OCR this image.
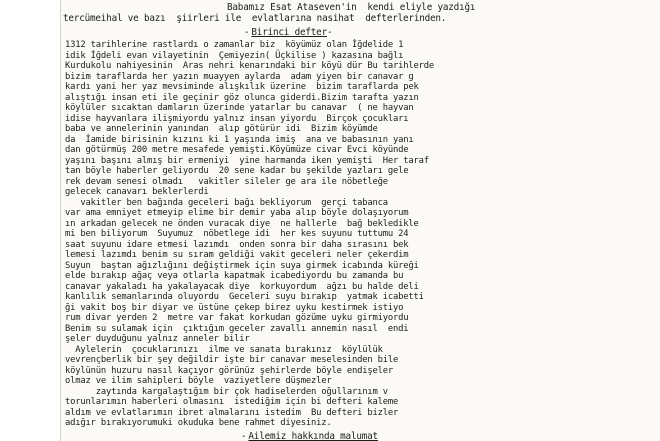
Babamız Esat Ataseven'in  kendi eliyle yazdığı
tercümeihal ve bazı  şiirleri ile  evlatlarına nasihat  defterlerinden.
- Birinci defter-
1312 tarihlerine rastlardı o zamanlar biz  köyümüz olan İğdelide 1
idik İğdeli evan vilayetinin  Çemiyezin( Üçkilise ) kazasına bağlı
Kurdukolu nahiyesinin  Aras nehri kenarındaki bir köyü dür Bu tarihlerde
bizim taraflarda her yazın muayyen aylarda  adam yiyen bir canavar g
kardı yani her yaz mevsiminde alışkılık üzerine  bizim taraflarda pek
alıştığı insan eti ile geçinir göz olunca giderdi.Bizim tarafta yazın
köylüler sıcaktan damların üzerinde yatarlar bu canavar  ( ne hayvan
idise hayvanlara ilişmiyordu yalnız insan yiyordu  Birçok çocukları
baba ve annelerinin yanından  alıp götürür idi  Bizim köyümde
da  İamide birisinin kızını ki 1 yaşında imiş  ana ve babasının yanı
dan götürmüş 200 metre mesafede yemişti.Köyümüze civar Evci köyünde
yaşını başını almış bir ermeniyi  yine harmanda iken yemişti  Her taraf
tan böyle haberler geliyordu  20 sene kadar bu şekilde yazları gele
rek devam senesi olmadı   vakitler sileler ge ara ile nöbetleğe
gelecek canavarı beklerlerdi
vakitler ben bağında geceleri bağı bekliyorum  gerçi tabanca
var ama emniyet etmeyip elime bir demir yaba alıp böyle dolaşıyorum
ın arkadan gelecek ne önden vuracak diye  ne hallerle  bağ bekledikle
mi ben biliyorum  Suyumuz  nöbetlege idi  her kes suyunu tuttumu 24
saat suyunu idare etmesi lazımdı  onden sonra bir daha sırasını bek
lemesi lazımdı benim su sıram geldiği vakit geceleri neler çekerdim
Suyun  baştan ağızlığını değiştirmek için suya girmek icabında küreği
elde bırakıp ağaç veya otlarla kapatmak icabediyordu bu zamanda bu
canavar yakaladı ha yakalayacak diye  korkuyordum  ağzı bu halde deli
kanlılık semanlarında oluyordu  Geceleri suyu bırakıp  yatmak icabetti
ği vakit boş bir diyar ve üstüne çekep birez uyku kestirmek istiyo
rum divar yerden 2  metre var fakat korkudan gözüme uyku girmiyordu
Benim su sulamak için  çıktığım geceler zavallı annemin nasıl  endi
şeler duyduğunu yalnız anneler bilir
Aylelerin  çocuklarınızı  ilme ve sanata bırakınız  köylülük
vevrençberlik bir şey değildir işte bir canavar meselesinden bile
köylünün huzuru nasıl kaçıyor görünüz şehirlerde böyle endişeler
olmaz ve ilim sahipleri böyle  vaziyetlere düşmezler
zaytında kargalaştığım bir çok hadiselerden oğullarınım v
torunlarımın haberleri olmasını  istediğim için bi defteri kaleme
aldım ve evlatlarımın ibret almalarını istedim  Bu defteri bizler
adığır bırakıyorumuki okuduka bene rahmet diyesiniz.
- Ailemiz hakkında malumat
